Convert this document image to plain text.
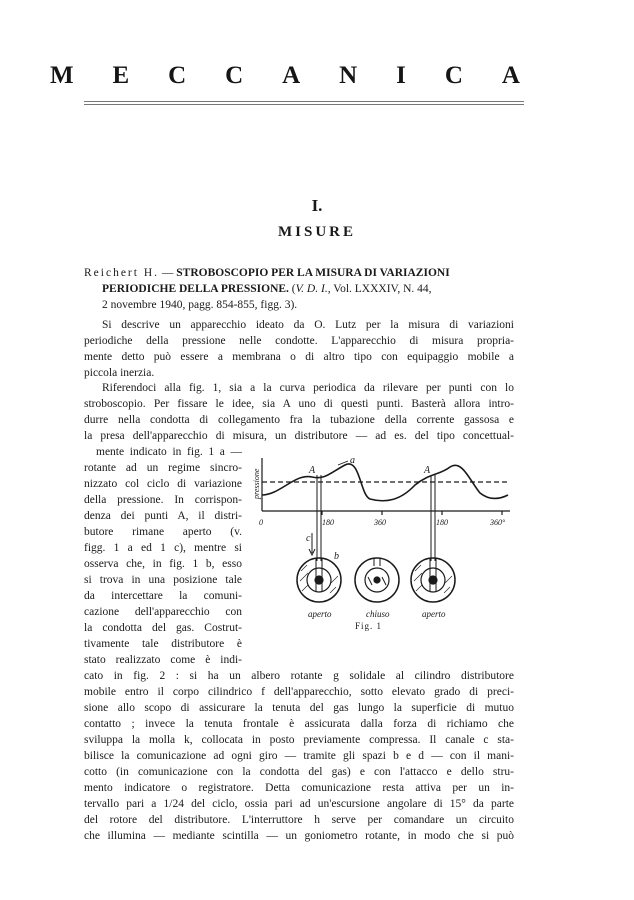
M E C C A N I C A
I.
MISURE
Reichert H. — STROBOSCOPIO PER LA MISURA DI VARIAZIONI
PERIODICHE DELLA PRESSIONE. (V. D. I., Vol. LXXXIV, N. 44,
2 novembre 1940, pagg. 854-855, figg. 3).
Si descrive un apparecchio ideato da O. Lutz per la misura di variazioni
periodiche della pressione nelle condotte. L'apparecchio di misura propria-
mente detto può essere a membrana o di altro tipo con equipaggio mobile a
piccola inerzia.
Riferendoci alla fig. 1, sia a la curva periodica da rilevare per punti con lo
stroboscopio. Per fissare le idee, sia A uno di questi punti. Basterà allora intro-
durre nella condotta di collegamento fra la tubazione della corrente gassosa e
la presa dell'apparecchio di misura, un distributore — ad es. del tipo concettual-
mente indicato in fig. 1 a —
rotante ad un regime sincro-
nizzato col ciclo di variazione
della pressione. In corrispon-
denza dei punti A, il distri-
butore rimane aperto (v.
figg. 1 a ed 1 c), mentre si
osserva che, in fig. 1 b, esso
si trova in una posizione tale
da intercettare la comuni-
cazione dell'apparecchio con
la condotta del gas. Costrut-
tivamente tale distributore è
stato realizzato come è indi-
cato in fig. 2 : si ha un albero rotante g solidale al cilindro distributore
mobile entro il corpo cilindrico f dell'apparecchio, sotto elevato grado di preci-
sione allo scopo di assicurare la tenuta del gas lungo la superficie di mutuo
contatto ; invece la tenuta frontale è assicurata dalla forza di richiamo che
sviluppa la molla k, collocata in posto previamente compressa. Il canale c sta-
bilisce la comunicazione ad ogni giro — tramite gli spazi b e d — con il mani-
cotto (in comunicazione con la condotta del gas) e con l'attacco e dello stru-
mento indicatore o registratore. Detta comunicazione resta attiva per un in-
tervallo pari a 1/24 del ciclo, ossia pari ad un'escursione angolare di 15° da parte
del rotore del distributore. L'interruttore h serve per comandare un circuito
che illumina — mediante scintilla — un goniometro rotante, in modo che si può
pressione	A	A
a
c
b
0	180	360	180	360°
aperto	chiuso	aperto
Fig. 1
